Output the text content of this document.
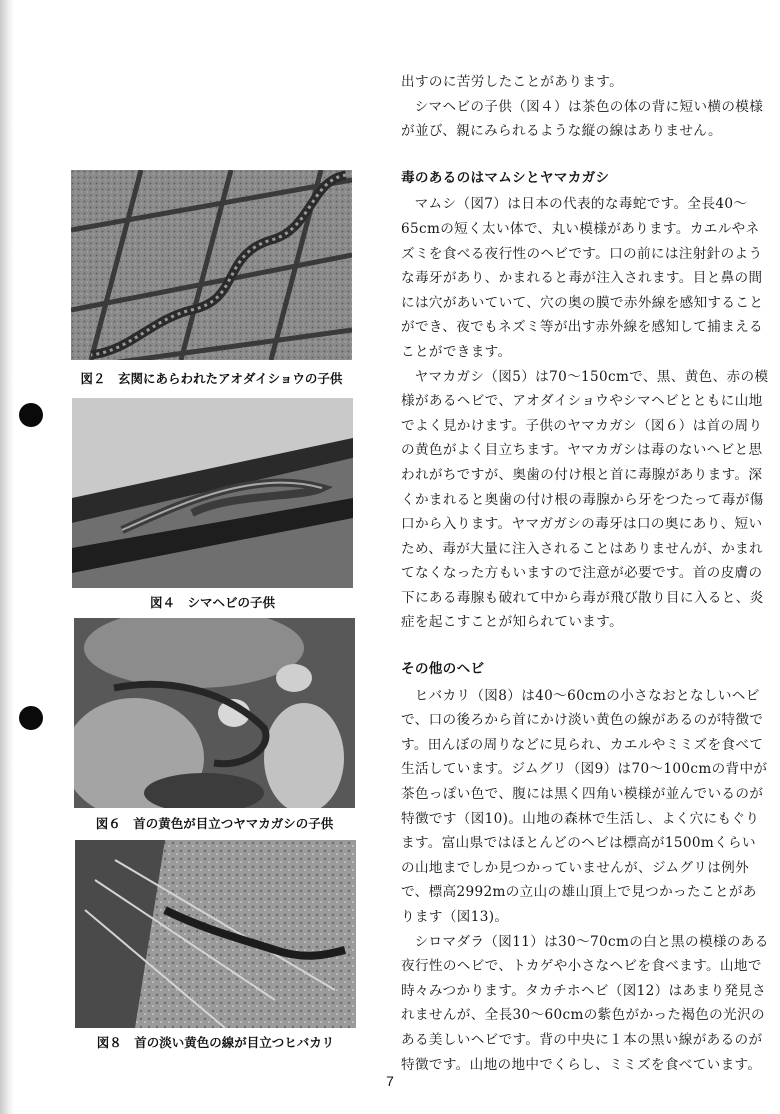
図２　玄関にあらわれたアオダイショウの子供
図４　シマヘビの子供
図６　首の黄色が目立つヤマカガシの子供
図８　首の淡い黄色の線が目立つヒバカリ

出すのに苦労したことがあります。

シマヘビの子供（図４）は茶色の体の背に短い横の模様が並び、親にみられるような縦の線はありません。

毒のあるのはマムシとヤマカガシ

マムシ（図7）は日本の代表的な毒蛇です。全長40～65cmの短く太い体で、丸い模様があります。カエルやネズミを食べる夜行性のヘビです。口の前には注射針のような毒牙があり、かまれると毒が注入されます。目と鼻の間には穴があいていて、穴の奥の膜で赤外線を感知することができ、夜でもネズミ等が出す赤外線を感知して捕まえることができます。

ヤマカガシ（図5）は70～150cmで、黒、黄色、赤の模様があるヘビで、アオダイショウやシマヘビとともに山地でよく見かけます。子供のヤマカガシ（図６）は首の周りの黄色がよく目立ちます。ヤマカガシは毒のないヘビと思われがちですが、奥歯の付け根と首に毒腺があります。深くかまれると奥歯の付け根の毒腺から牙をつたって毒が傷口から入ります。ヤマガガシの毒牙は口の奥にあり、短いため、毒が大量に注入されることはありませんが、かまれてなくなった方もいますので注意が必要です。首の皮膚の下にある毒腺も破れて中から毒が飛び散り目に入ると、炎症を起こすことが知られています。

その他のヘビ

ヒバカリ（図8）は40～60cmの小さなおとなしいヘビで、口の後ろから首にかけ淡い黄色の線があるのが特徴です。田んぼの周りなどに見られ、カエルやミミズを食べて生活しています。ジムグリ（図9）は70～100cmの背中が茶色っぽい色で、腹には黒く四角い模様が並んでいるのが特徴です（図10)。山地の森林で生活し、よく穴にもぐります。富山県ではほとんどのヘビは標高が1500mくらいの山地までしか見つかっていませんが、ジムグリは例外で、標高2992mの立山の雄山頂上で見つかったことがあります（図13)。

シロマダラ（図11）は30～70cmの白と黒の模様のある夜行性のヘビで、トカゲや小さなヘビを食べます。山地で時々みつかります。タカチホヘビ（図12）はあまり発見されませんが、全長30～60cmの紫色がかった褐色の光沢のある美しいヘビです。背の中央に１本の黒い線があるのが特徴です。山地の地中でくらし、ミミズを食べています。

7
